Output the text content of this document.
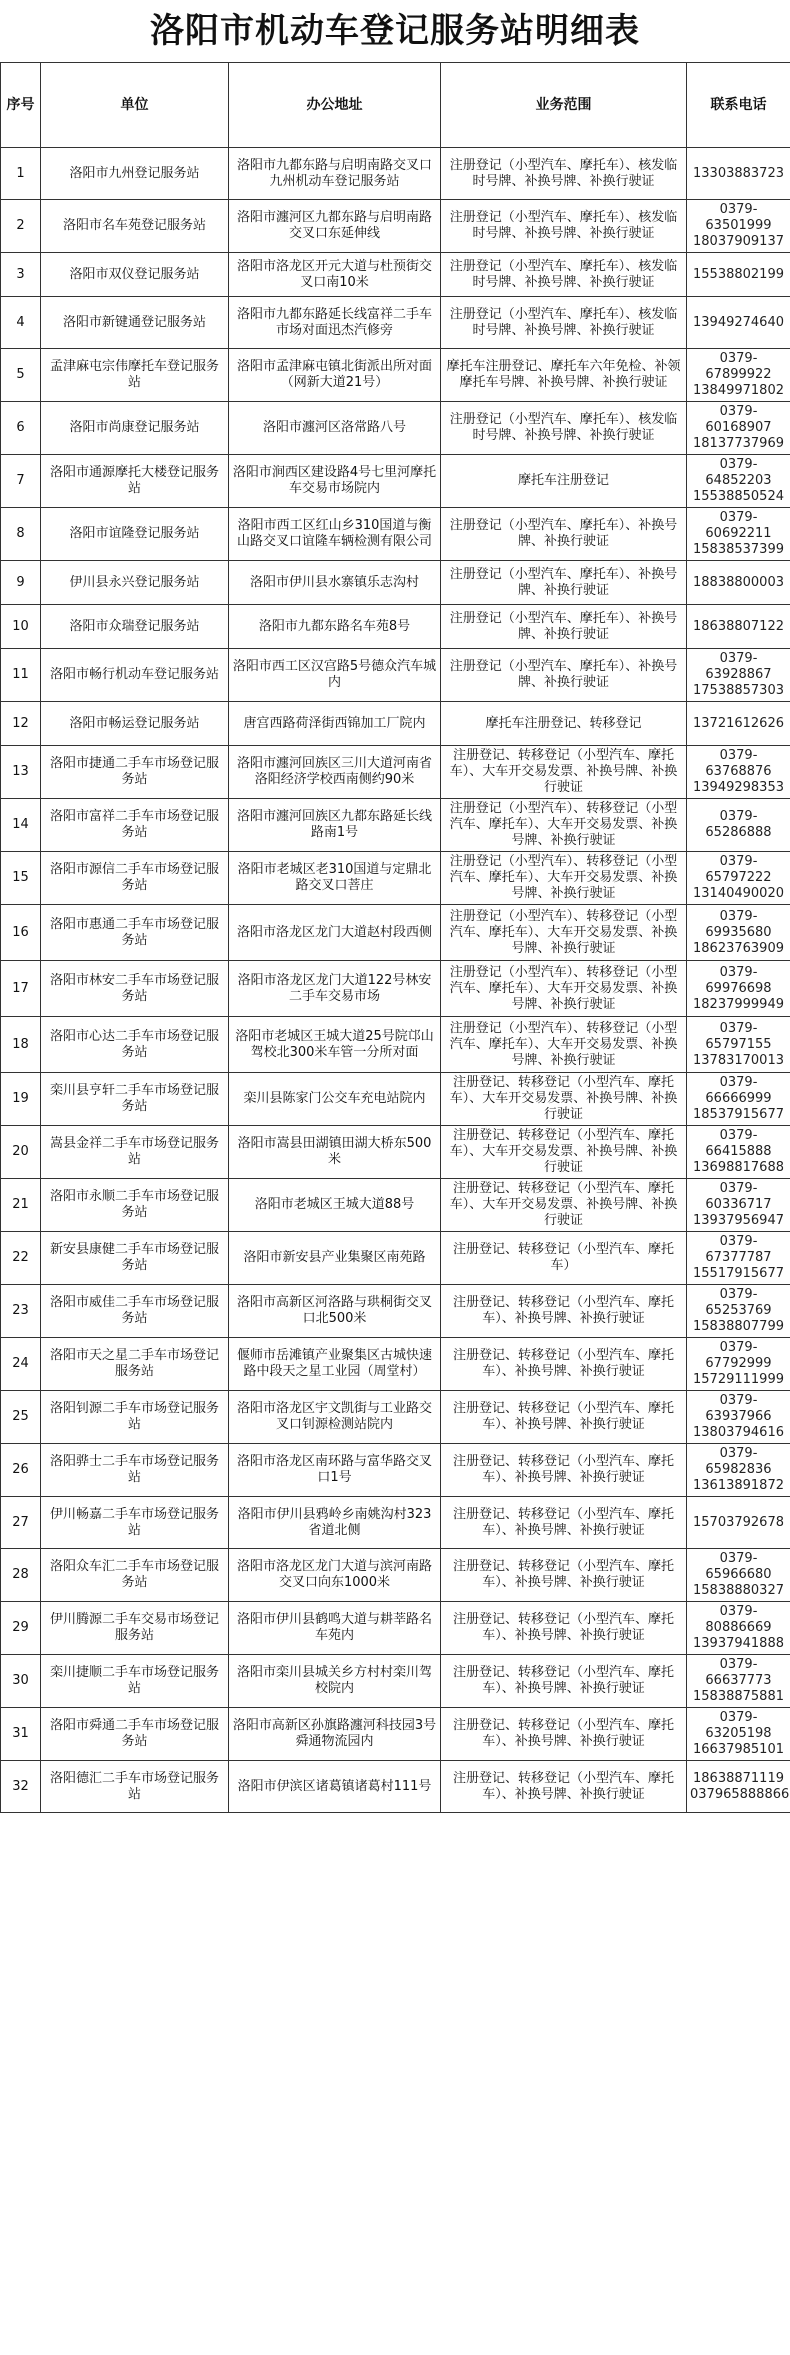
洛阳市机动车登记服务站明细表
序号	单位	办公地址	业务范围	联系电话
1	洛阳市九州登记服务站	洛阳市九都东路与启明南路交叉口九州机动车登记服务站	注册登记（小型汽车、摩托车）、核发临时号牌、补换号牌、补换行驶证	13303883723
2	洛阳市名车苑登记服务站	洛阳市瀍河区九都东路与启明南路交叉口东延伸线	注册登记（小型汽车、摩托车）、核发临时号牌、补换号牌、补换行驶证	0379-63501999 18037909137
3	洛阳市双仪登记服务站	洛阳市洛龙区开元大道与杜预街交叉口南10米	注册登记（小型汽车、摩托车）、核发临时号牌、补换号牌、补换行驶证	15538802199
4	洛阳市新键通登记服务站	洛阳市九都东路延长线富祥二手车市场对面迅杰汽修旁	注册登记（小型汽车、摩托车）、核发临时号牌、补换号牌、补换行驶证	13949274640
5	孟津麻屯宗伟摩托车登记服务站	洛阳市孟津麻屯镇北街派出所对面（网新大道21号）	摩托车注册登记、摩托车六年免检、补领摩托车号牌、补换号牌、补换行驶证	0379-67899922 13849971802
6	洛阳市尚康登记服务站	洛阳市瀍河区洛常路八号	注册登记（小型汽车、摩托车）、核发临时号牌、补换号牌、补换行驶证	0379-60168907 18137737969
7	洛阳市通源摩托大楼登记服务站	洛阳市涧西区建设路4号七里河摩托车交易市场院内	摩托车注册登记	0379-64852203 15538850524
8	洛阳市谊隆登记服务站	洛阳市西工区红山乡310国道与衡山路交叉口谊隆车辆检测有限公司	注册登记（小型汽车、摩托车）、补换号牌、补换行驶证	0379-60692211 15838537399
9	伊川县永兴登记服务站	洛阳市伊川县水寨镇乐志沟村	注册登记（小型汽车、摩托车）、补换号牌、补换行驶证	18838800003
10	洛阳市众瑞登记服务站	洛阳市九都东路名车苑8号	注册登记（小型汽车、摩托车）、补换号牌、补换行驶证	18638807122
11	洛阳市畅行机动车登记服务站	洛阳市西工区汉宫路5号德众汽车城内	注册登记（小型汽车、摩托车）、补换号牌、补换行驶证	0379-63928867 17538857303
12	洛阳市畅运登记服务站	唐宫西路荷泽街西锦加工厂院内	摩托车注册登记、转移登记	13721612626
13	洛阳市捷通二手车市场登记服务站	洛阳市瀍河回族区三川大道河南省洛阳经济学校西南侧约90米	注册登记、转移登记（小型汽车、摩托车）、大车开交易发票、补换号牌、补换行驶证	0379-63768876 13949298353
14	洛阳市富祥二手车市场登记服务站	洛阳市瀍河回族区九都东路延长线路南1号	注册登记（小型汽车）、转移登记（小型汽车、摩托车）、大车开交易发票、补换号牌、补换行驶证	0379-65286888
15	洛阳市源信二手车市场登记服务站	洛阳市老城区老310国道与定鼎北路交叉口菩庄	注册登记（小型汽车）、转移登记（小型汽车、摩托车）、大车开交易发票、补换号牌、补换行驶证	0379-65797222 13140490020
16	洛阳市惠通二手车市场登记服务站	洛阳市洛龙区龙门大道赵村段西侧	注册登记（小型汽车）、转移登记（小型汽车、摩托车）、大车开交易发票、补换号牌、补换行驶证	0379-69935680 18623763909
17	洛阳市林安二手车市场登记服务站	洛阳市洛龙区龙门大道122号林安二手车交易市场	注册登记（小型汽车）、转移登记（小型汽车、摩托车）、大车开交易发票、补换号牌、补换行驶证	0379-69976698 18237999949
18	洛阳市心达二手车市场登记服务站	洛阳市老城区王城大道25号院邙山驾校北300米车管一分所对面	注册登记（小型汽车）、转移登记（小型汽车、摩托车）、大车开交易发票、补换号牌、补换行驶证	0379-65797155 13783170013
19	栾川县亨轩二手车市场登记服务站	栾川县陈家门公交车充电站院内	注册登记、转移登记（小型汽车、摩托车）、大车开交易发票、补换号牌、补换行驶证	0379-66666999 18537915677
20	嵩县金祥二手车市场登记服务站	洛阳市嵩县田湖镇田湖大桥东500米	注册登记、转移登记（小型汽车、摩托车）、大车开交易发票、补换号牌、补换行驶证	0379-66415888 13698817688
21	洛阳市永顺二手车市场登记服务站	洛阳市老城区王城大道88号	注册登记、转移登记（小型汽车、摩托车）、大车开交易发票、补换号牌、补换行驶证	0379-60336717 13937956947
22	新安县康健二手车市场登记服务站	洛阳市新安县产业集聚区南苑路	注册登记、转移登记（小型汽车、摩托车）	0379-67377787 15517915677
23	洛阳市威佳二手车市场登记服务站	洛阳市高新区河洛路与珙桐街交叉口北500米	注册登记、转移登记（小型汽车、摩托车）、补换号牌、补换行驶证	0379-65253769 15838807799
24	洛阳市天之星二手车市场登记服务站	偃师市岳滩镇产业聚集区古城快速路中段天之星工业园（周堂村）	注册登记、转移登记（小型汽车、摩托车）、补换号牌、补换行驶证	0379-67792999 15729111999
25	洛阳钊源二手车市场登记服务站	洛阳市洛龙区宇文凯街与工业路交叉口钊源检测站院内	注册登记、转移登记（小型汽车、摩托车）、补换号牌、补换行驶证	0379-63937966 13803794616
26	洛阳骅士二手车市场登记服务站	洛阳市洛龙区南环路与富华路交叉口1号	注册登记、转移登记（小型汽车、摩托车）、补换号牌、补换行驶证	0379-65982836 13613891872
27	伊川畅嘉二手车市场登记服务站	洛阳市伊川县鸦岭乡南姚沟村323省道北侧	注册登记、转移登记（小型汽车、摩托车）、补换号牌、补换行驶证	15703792678
28	洛阳众车汇二手车市场登记服务站	洛阳市洛龙区龙门大道与滨河南路交叉口向东1000米	注册登记、转移登记（小型汽车、摩托车）、补换号牌、补换行驶证	0379-65966680 15838880327
29	伊川腾源二手车交易市场登记服务站	洛阳市伊川县鹤鸣大道与耕莘路名车苑内	注册登记、转移登记（小型汽车、摩托车）、补换号牌、补换行驶证	0379-80886669 13937941888
30	栾川捷顺二手车市场登记服务站	洛阳市栾川县城关乡方村村栾川驾校院内	注册登记、转移登记（小型汽车、摩托车）、补换号牌、补换行驶证	0379-66637773 15838875881
31	洛阳市舜通二手车市场登记服务站	洛阳市高新区孙旗路瀍河科技园3号舜通物流园内	注册登记、转移登记（小型汽车、摩托车）、补换号牌、补换行驶证	0379-63205198 16637985101
32	洛阳德汇二手车市场登记服务站	洛阳市伊滨区诸葛镇诸葛村111号	注册登记、转移登记（小型汽车、摩托车）、补换号牌、补换行驶证	18638871119 037965888866
